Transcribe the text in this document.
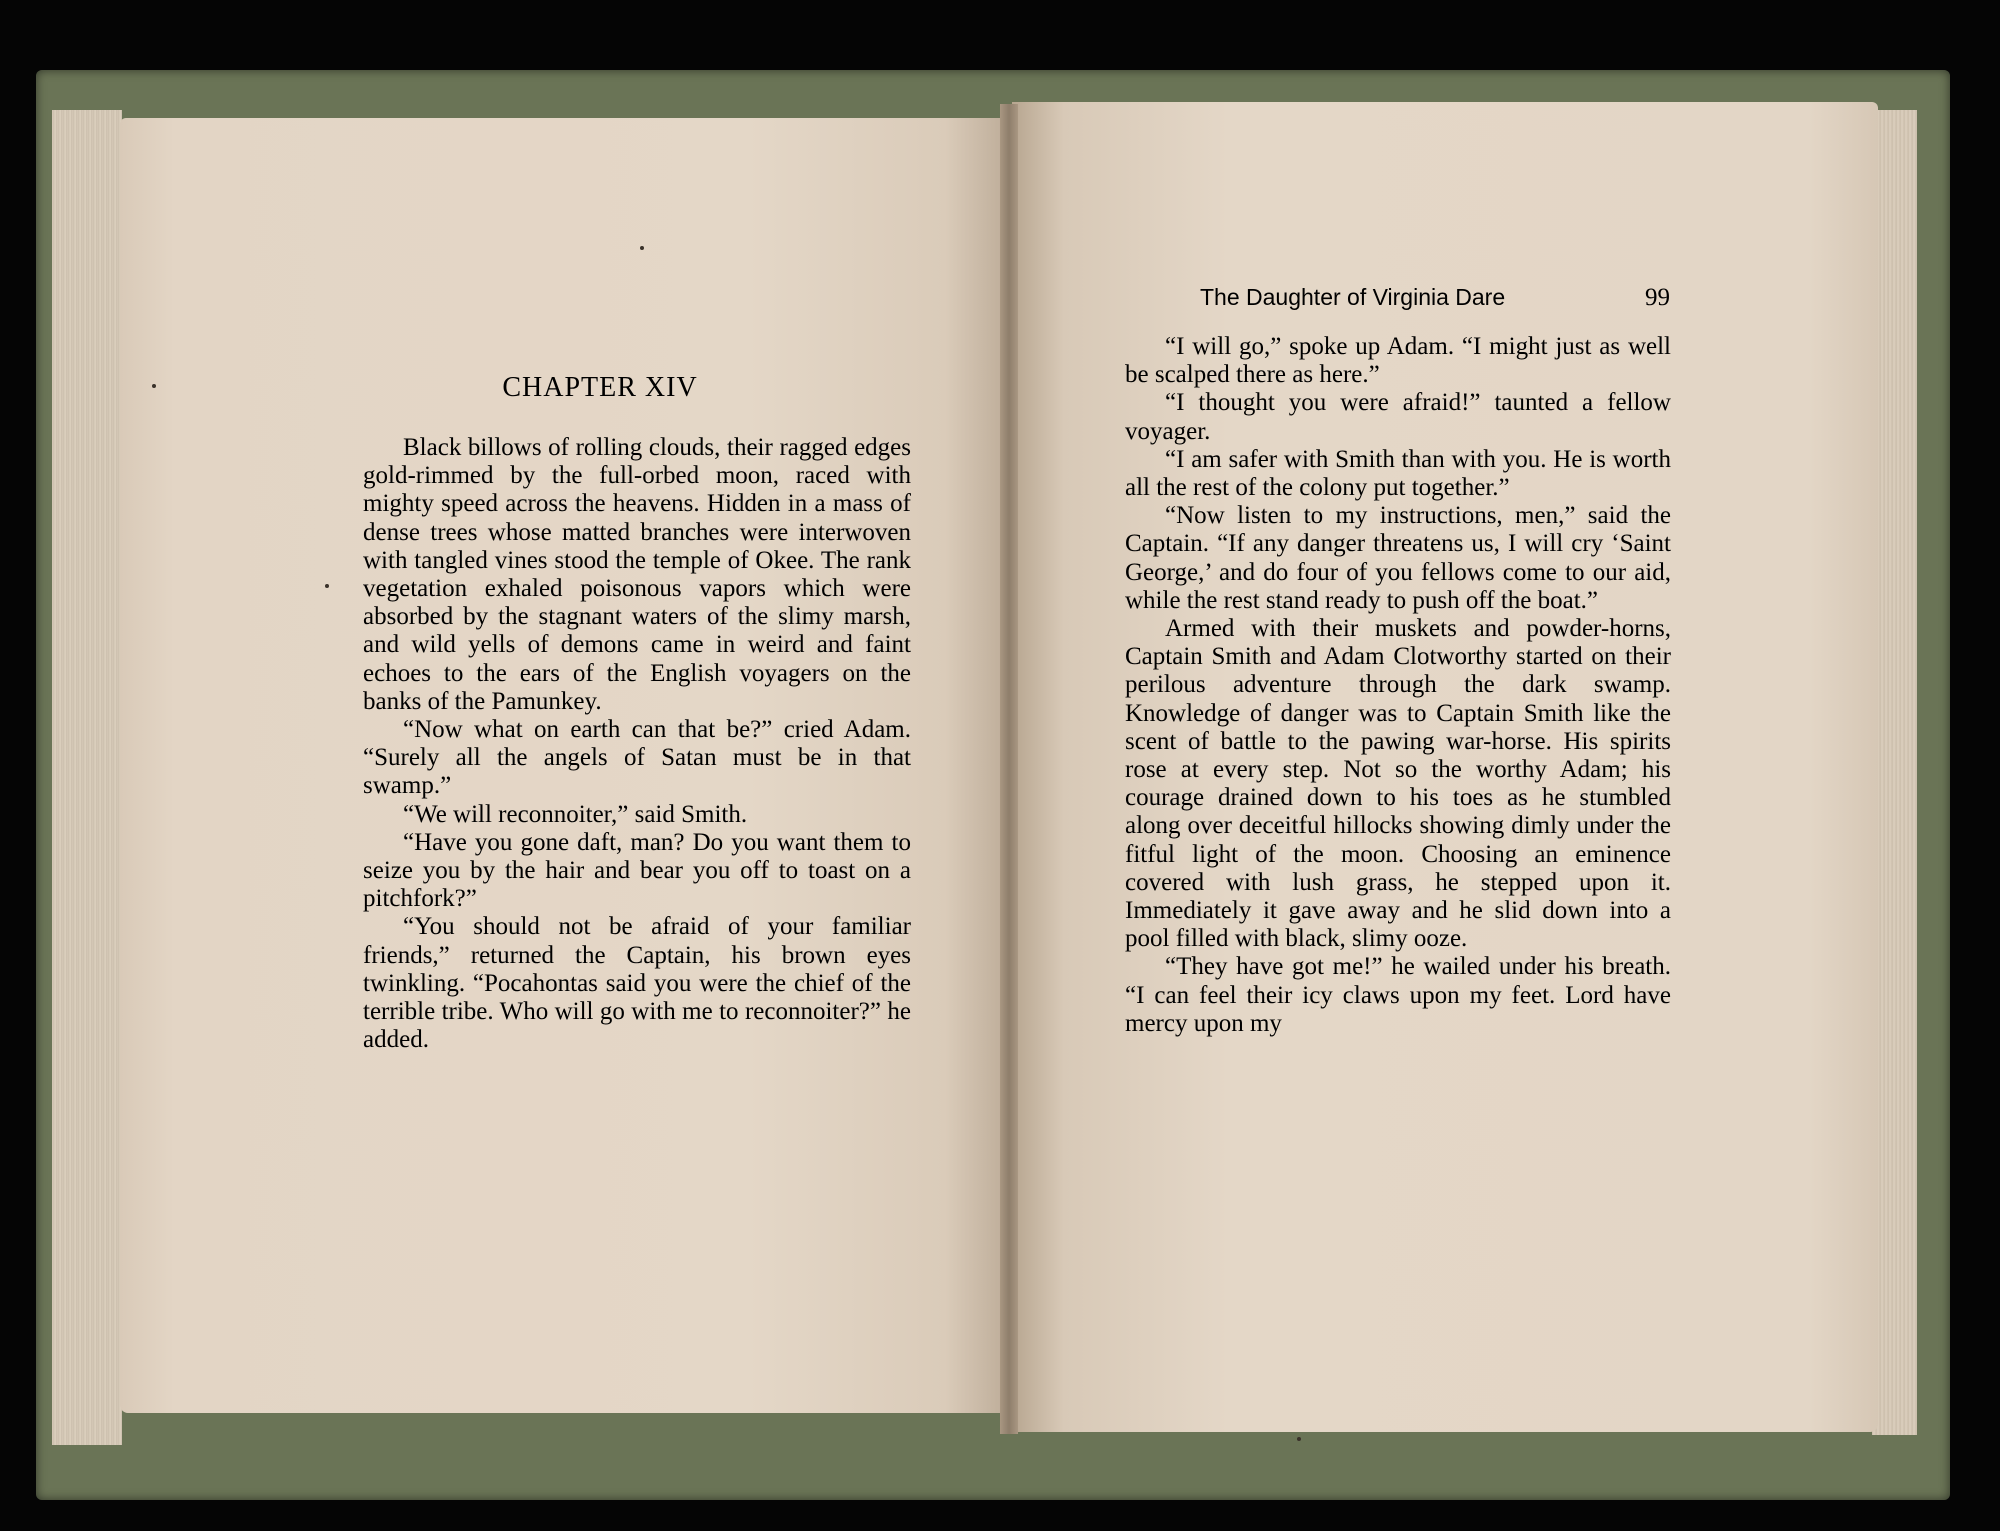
CHAPTER XIV

Black billows of rolling clouds, their ragged edges gold-rimmed by the full-orbed moon, raced with mighty speed across the heavens. Hidden in a mass of dense trees whose matted branches were interwoven with tangled vines stood the temple of Okee. The rank vegetation exhaled poisonous vapors which were absorbed by the stagnant waters of the slimy marsh, and wild yells of demons came in weird and faint echoes to the ears of the English voyagers on the banks of the Pamunkey.

“Now what on earth can that be?” cried Adam. “Surely all the angels of Satan must be in that swamp.”

“We will reconnoiter,” said Smith.

“Have you gone daft, man? Do you want them to seize you by the hair and bear you off to toast on a pitchfork?”

“You should not be afraid of your familiar friends,” returned the Captain, his brown eyes twinkling. “Pocahontas said you were the chief of the terrible tribe. Who will go with me to reconnoiter?” he added.

The Daughter of Virginia Dare	99

“I will go,” spoke up Adam. “I might just as well be scalped there as here.”

“I thought you were afraid!” taunted a fellow voyager.

“I am safer with Smith than with you. He is worth all the rest of the colony put together.”

“Now listen to my instructions, men,” said the Captain. “If any danger threatens us, I will cry ‘Saint George,’ and do four of you fellows come to our aid, while the rest stand ready to push off the boat.”

Armed with their muskets and powder-horns, Captain Smith and Adam Clotworthy started on their perilous adventure through the dark swamp. Knowledge of danger was to Captain Smith like the scent of battle to the pawing war-horse. His spirits rose at every step. Not so the worthy Adam; his courage drained down to his toes as he stumbled along over deceitful hillocks showing dimly under the fitful light of the moon. Choosing an eminence covered with lush grass, he stepped upon it. Immediately it gave away and he slid down into a pool filled with black, slimy ooze.

“They have got me!” he wailed under his breath. “I can feel their icy claws upon my feet. Lord have mercy upon my
